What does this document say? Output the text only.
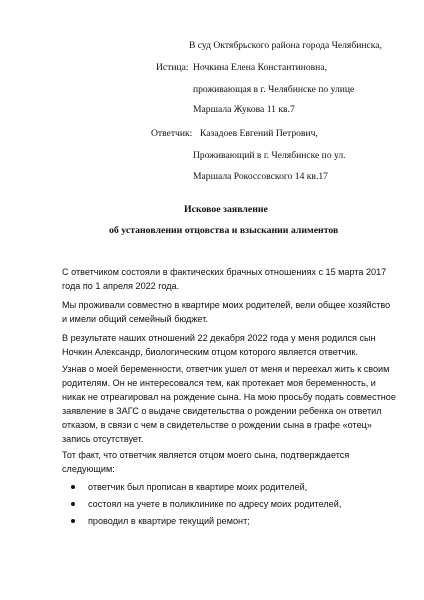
В суд Октябрьского района города Челябинска,
Истица: Ночкина Елена Константиновна,
проживающая в г. Челябинске по улице
Маршала Жукова 11 кв.7
Ответчик: Казадоев Евгений Петрович,
Проживающий в г. Челябинске по ул.
Маршала Рокоссовского 14 кв.17
Исковое заявление
об установлении отцовства и взыскании алиментов
С ответчиком состояли в фактических брачных отношениях с 15 марта 2017
года по 1 апреля 2022 года.
Мы проживали совместно в квартире моих родителей, вели общее хозяйство
и имели общий семейный бюджет.
В результате наших отношений 22 декабря 2022 года у меня родился сын
Ночкин Александр, биологическим отцом которого является ответчик.
Узнав о моей беременности, ответчик ушел от меня и переехал жить к своим
родителям. Он не интересовался тем, как протекает моя беременность, и
никак не отреагировал на рождение сына. На мою просьбу подать совместное
заявление в ЗАГС о выдаче свидетельства о рождении ребенка он ответил
отказом, в связи с чем в свидетельстве о рождении сына в графе «отец»
запись отсутствует.
Тот факт, что ответчик является отцом моего сына, подтверждается
следующим:
ответчик был прописан в квартире моих родителей,
состоял на учете в поликлинике по адресу моих родителей,
проводил в квартире текущий ремонт;
